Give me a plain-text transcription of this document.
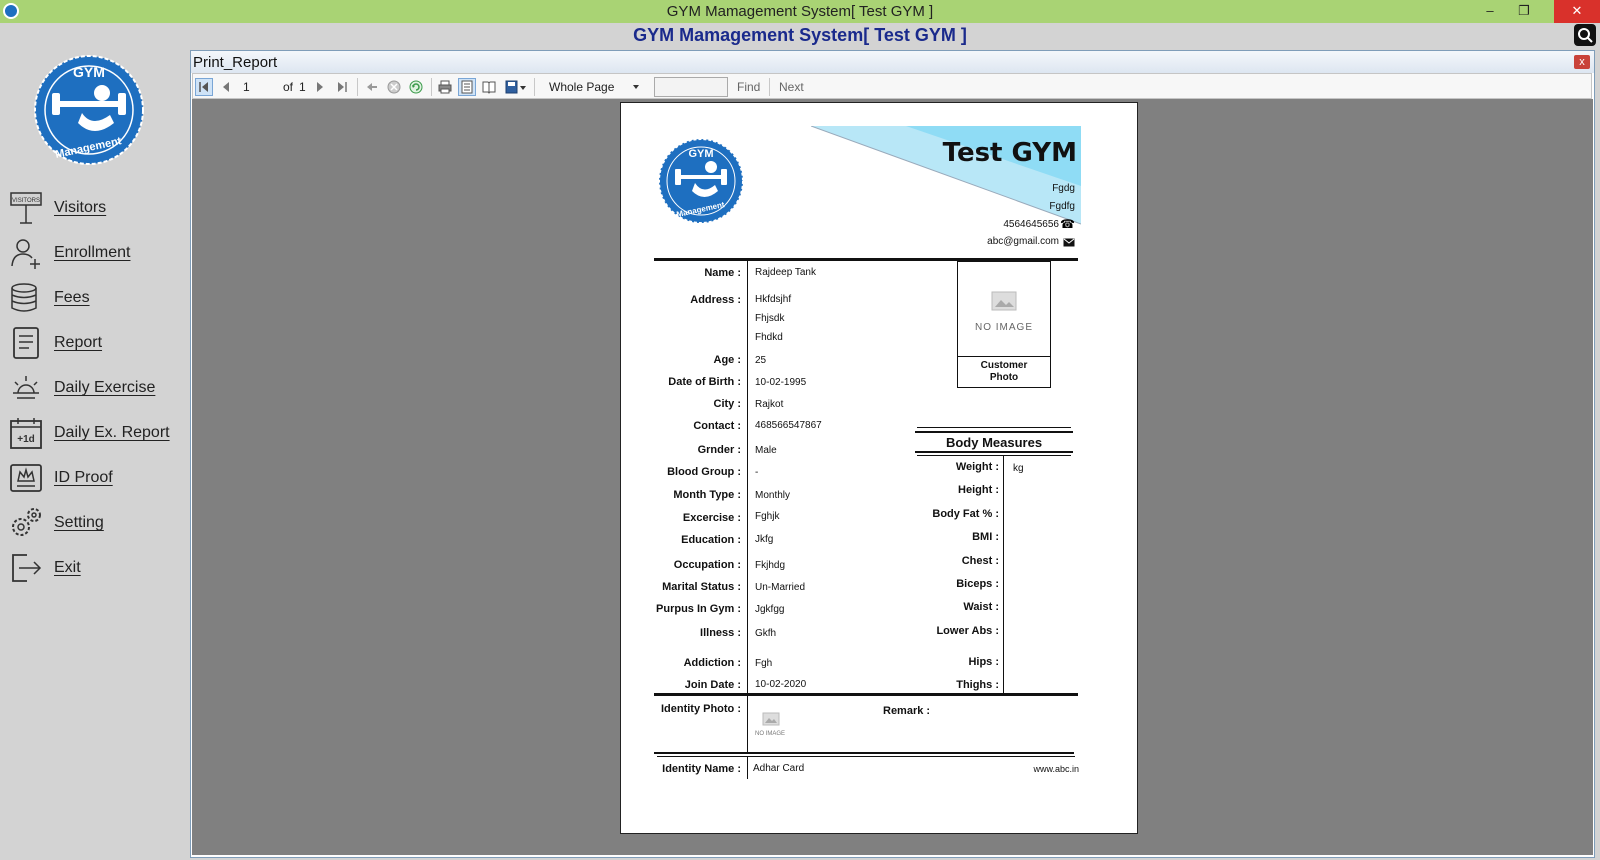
GYM Mamagement System[ Test GYM ]	–	❐	✕
GYM Mamagement System[ Test GYM ]
GYM
Management
VISITORS Visitors
Enrollment
Fees
Report
Daily Exercise
+1d Daily Ex. Report
ID Proof
Setting
Exit
Print_Report	x
1	of 1	Whole Page	Find Next
GYM
Management
Test GYM
Fgdg
Fgdfg
4564645656 ☎
abc@gmail.com
Name : Rajdeep Tank
Address : Hkfdsjhf
Fhjsdk
Fhdkd
Age : 25
Date of Birth : 10-02-1995
City : Rajkot
Contact : 468566547867
Grnder : Male
Blood Group : -
Month Type : Monthly
Excercise : Fghjk
Education : Jkfg
Occupation : Fkjhdg
Marital Status : Un-Married
Purpus In Gym : Jgkfgg
Illness : Gkfh
Addiction : Fgh
Join Date : 10-02-2020
NO IMAGE
Customer Photo
Body Measures
Weight : kg
Height :
Body Fat % :
BMI :
Chest :
Biceps :
Waist :
Lower Abs :
Hips :
Thighs :
Identity Photo :
NO IMAGE
Remark :
Identity Name : Adhar Card	www.abc.in
